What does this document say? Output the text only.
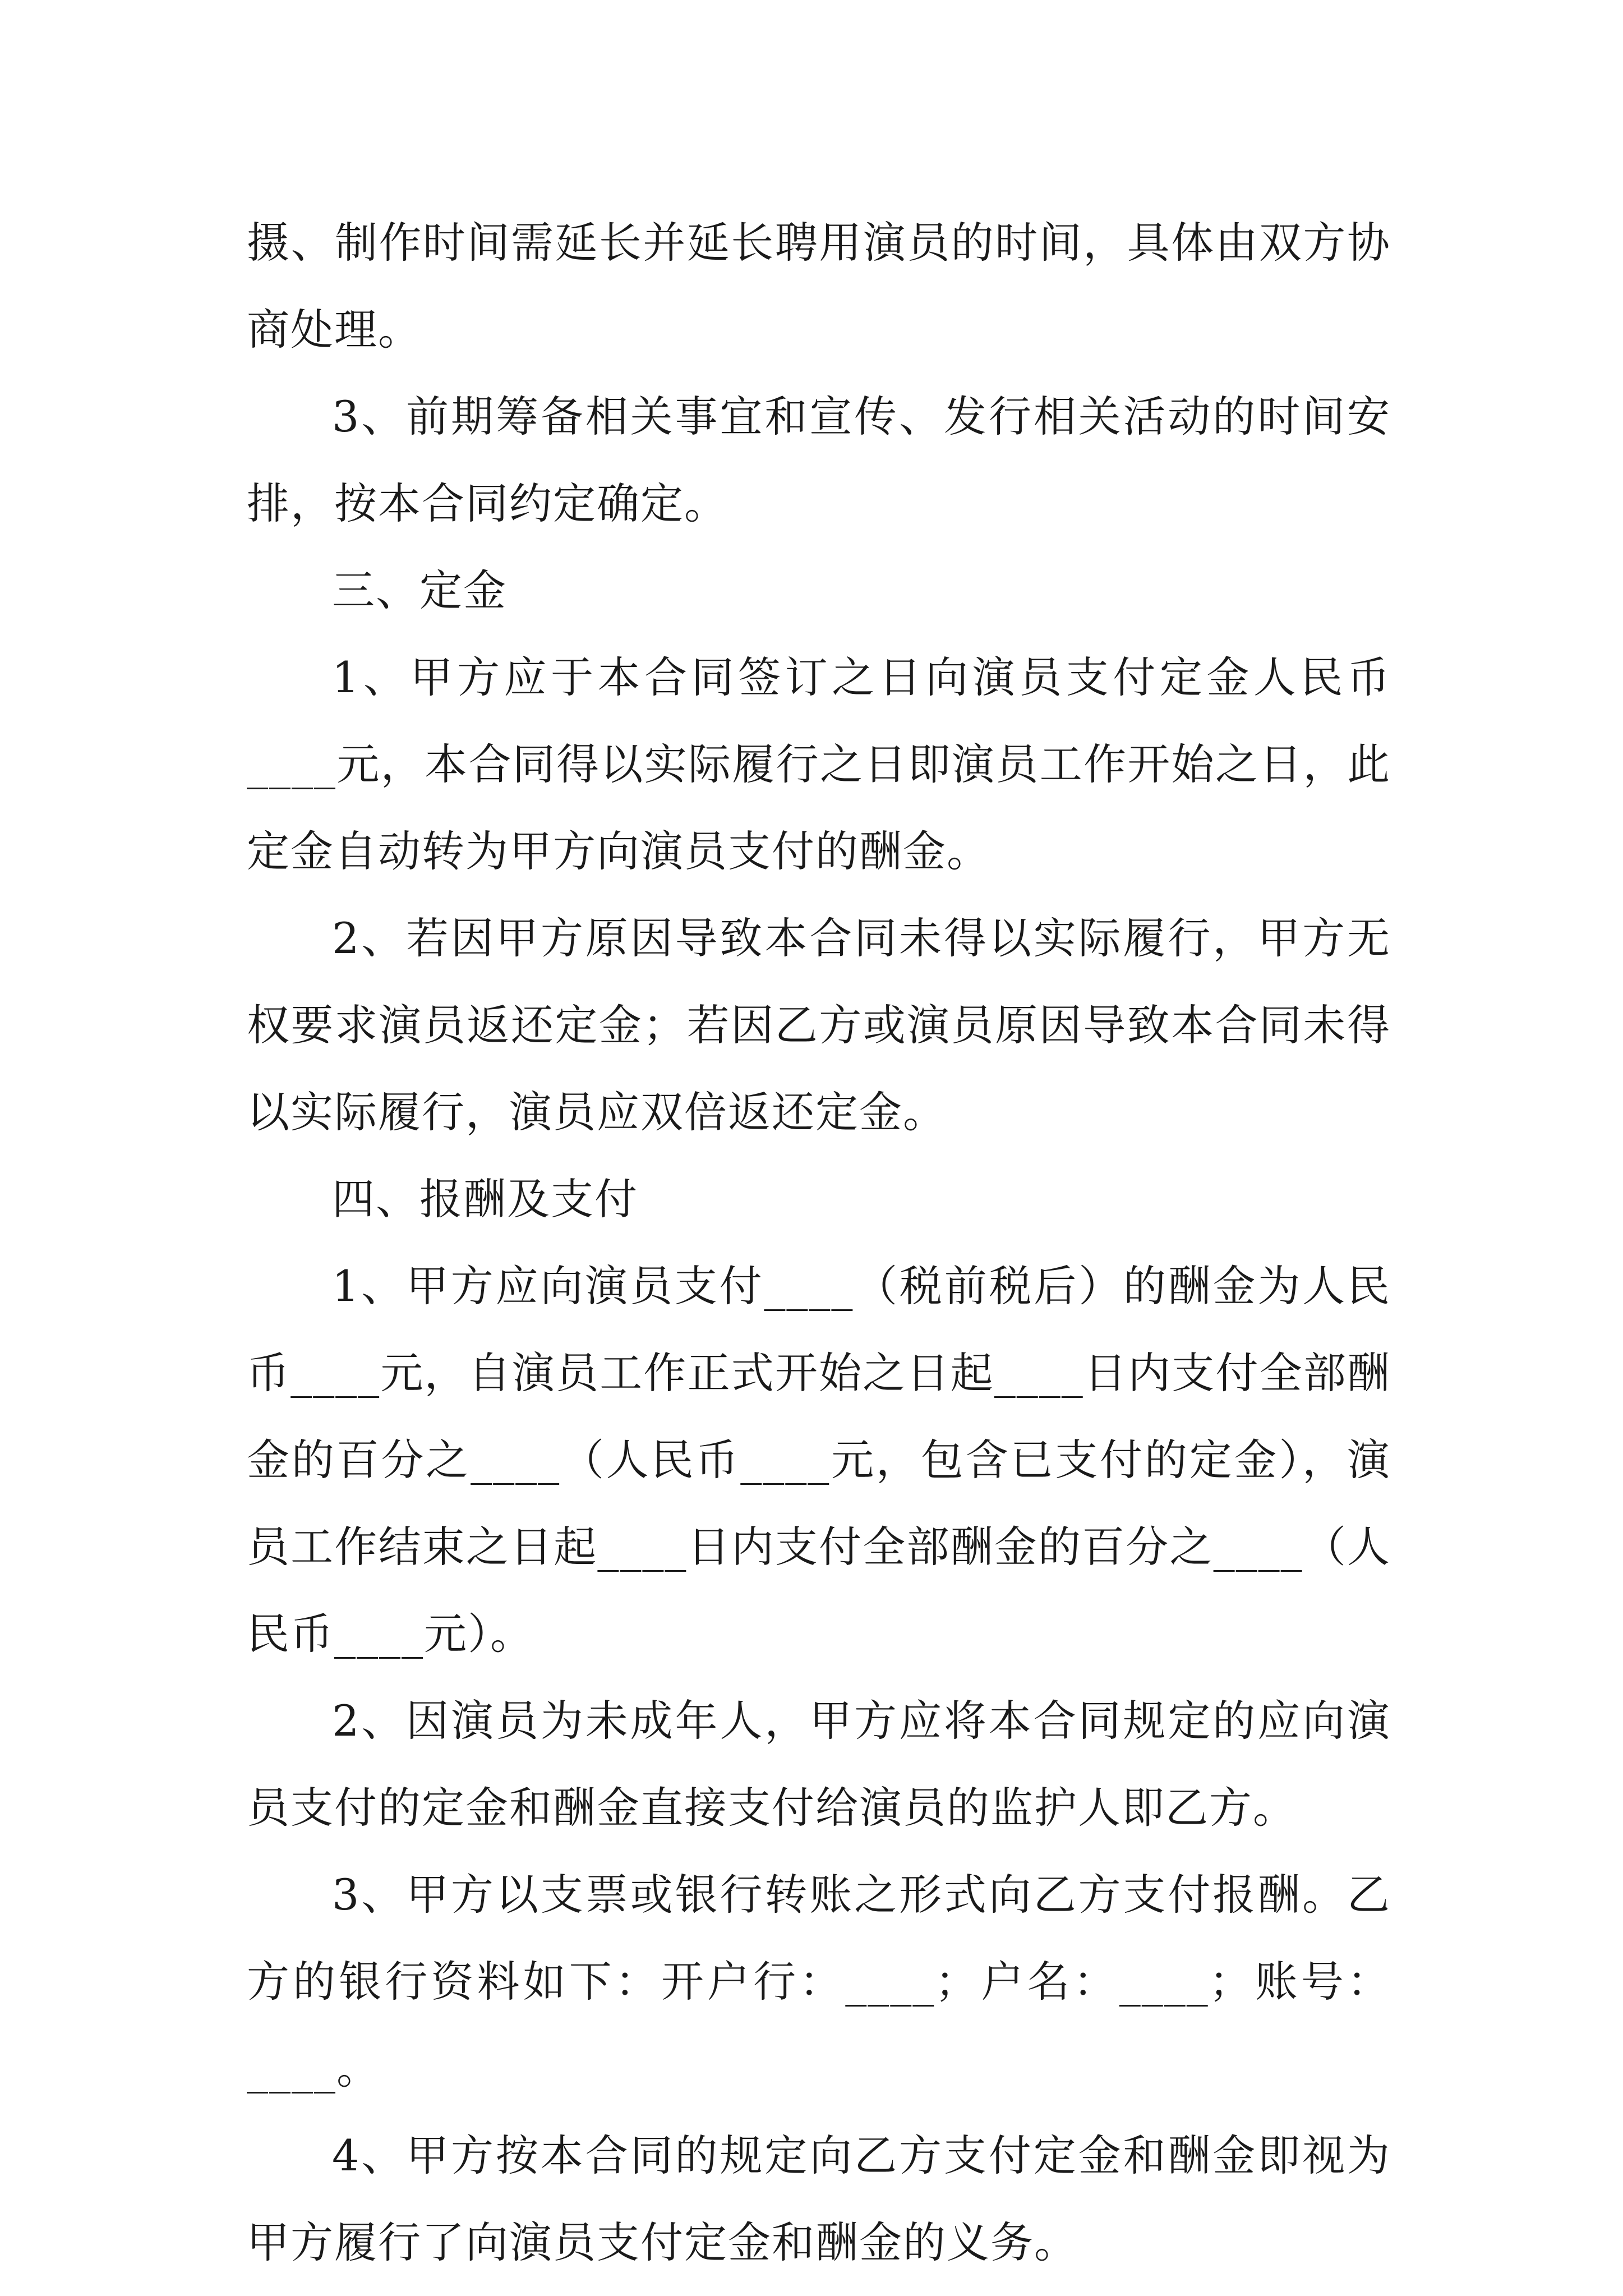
摄、制作时间需延长并延长聘用演员的时间，具体由双方协商处理。

3、前期筹备相关事宜和宣传、发行相关活动的时间安排，按本合同约定确定。

三、定金

1、甲方应于本合同签订之日向演员支付定金人民币____元，本合同得以实际履行之日即演员工作开始之日，此定金自动转为甲方向演员支付的酬金。

2、若因甲方原因导致本合同未得以实际履行，甲方无权要求演员返还定金；若因乙方或演员原因导致本合同未得以实际履行，演员应双倍返还定金。

四、报酬及支付

1、甲方应向演员支付____（税前税后）的酬金为人民币____元，自演员工作正式开始之日起____日内支付全部酬金的百分之____（人民币____元，包含已支付的定金），演员工作结束之日起____日内支付全部酬金的百分之____（人民币____元）。

2、因演员为未成年人，甲方应将本合同规定的应向演员支付的定金和酬金直接支付给演员的监护人即乙方。

3、甲方以支票或银行转账之形式向乙方支付报酬。乙方的银行资料如下：开户行：____；户名：____；账号：____。

4、甲方按本合同的规定向乙方支付定金和酬金即视为甲方履行了向演员支付定金和酬金的义务。
